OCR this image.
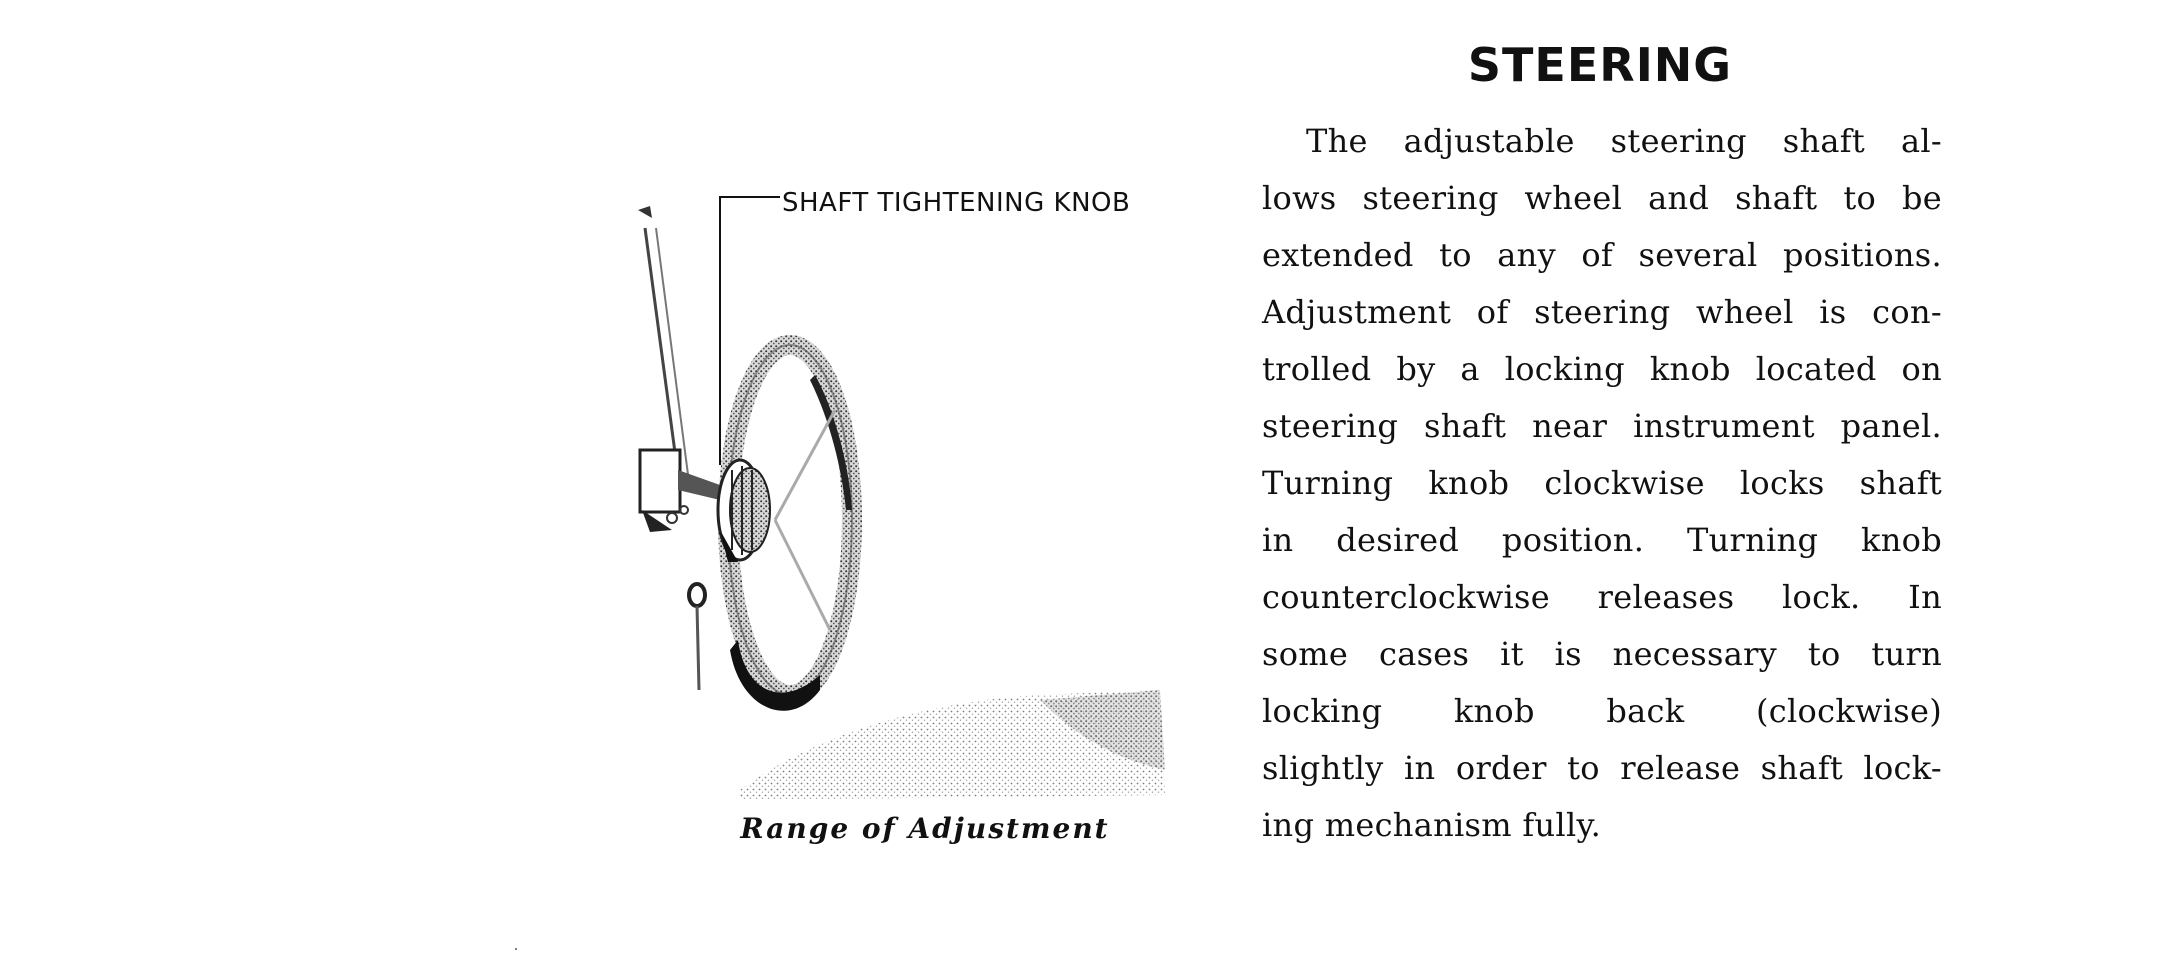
SHAFT TIGHTENING KNOB
Range of Adjustment
STEERING
The adjustable steering shaft al-
lows steering wheel and shaft to be
extended to any of several positions.
Adjustment of steering wheel is con-
trolled by a locking knob located on
steering shaft near instrument panel.
Turning knob clockwise locks shaft
in desired position. Turning knob
counterclockwise releases lock. In
some cases it is necessary to turn
locking knob back (clockwise)
slightly in order to release shaft lock-
ing mechanism fully.
